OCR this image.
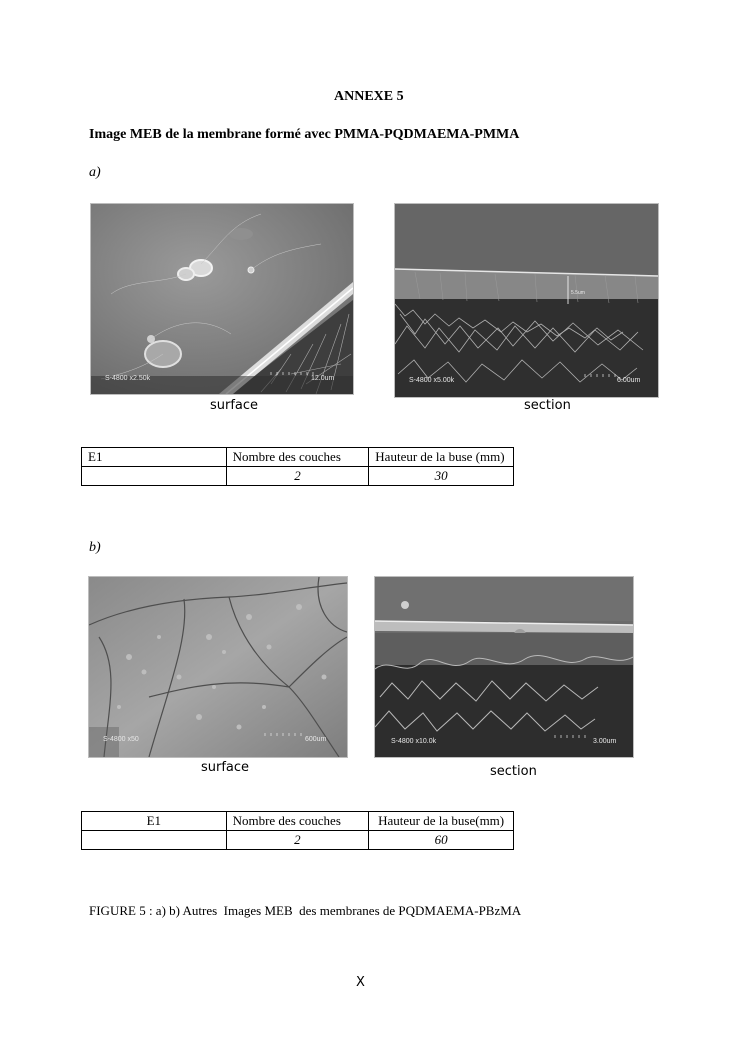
ANNEXE 5
Image MEB de la membrane formé avec PMMA-PQDMAEMA-PMMA
a)
S-4800 x2.50k	12.0um
5.5um
S-4800 x5.00k	6.00um
surface	section
E1	Nombre des couches	Hauteur de la buse (mm)
	2	30
b)
S-4800 x50	600um	S-4800 x10.0k	3.00um
surface	section
E1	Nombre des couches	Hauteur de la buse(mm)
	2	60
FIGURE 5 : a) b) Autres  Images MEB  des membranes de PQDMAEMA-PBzMA
X
